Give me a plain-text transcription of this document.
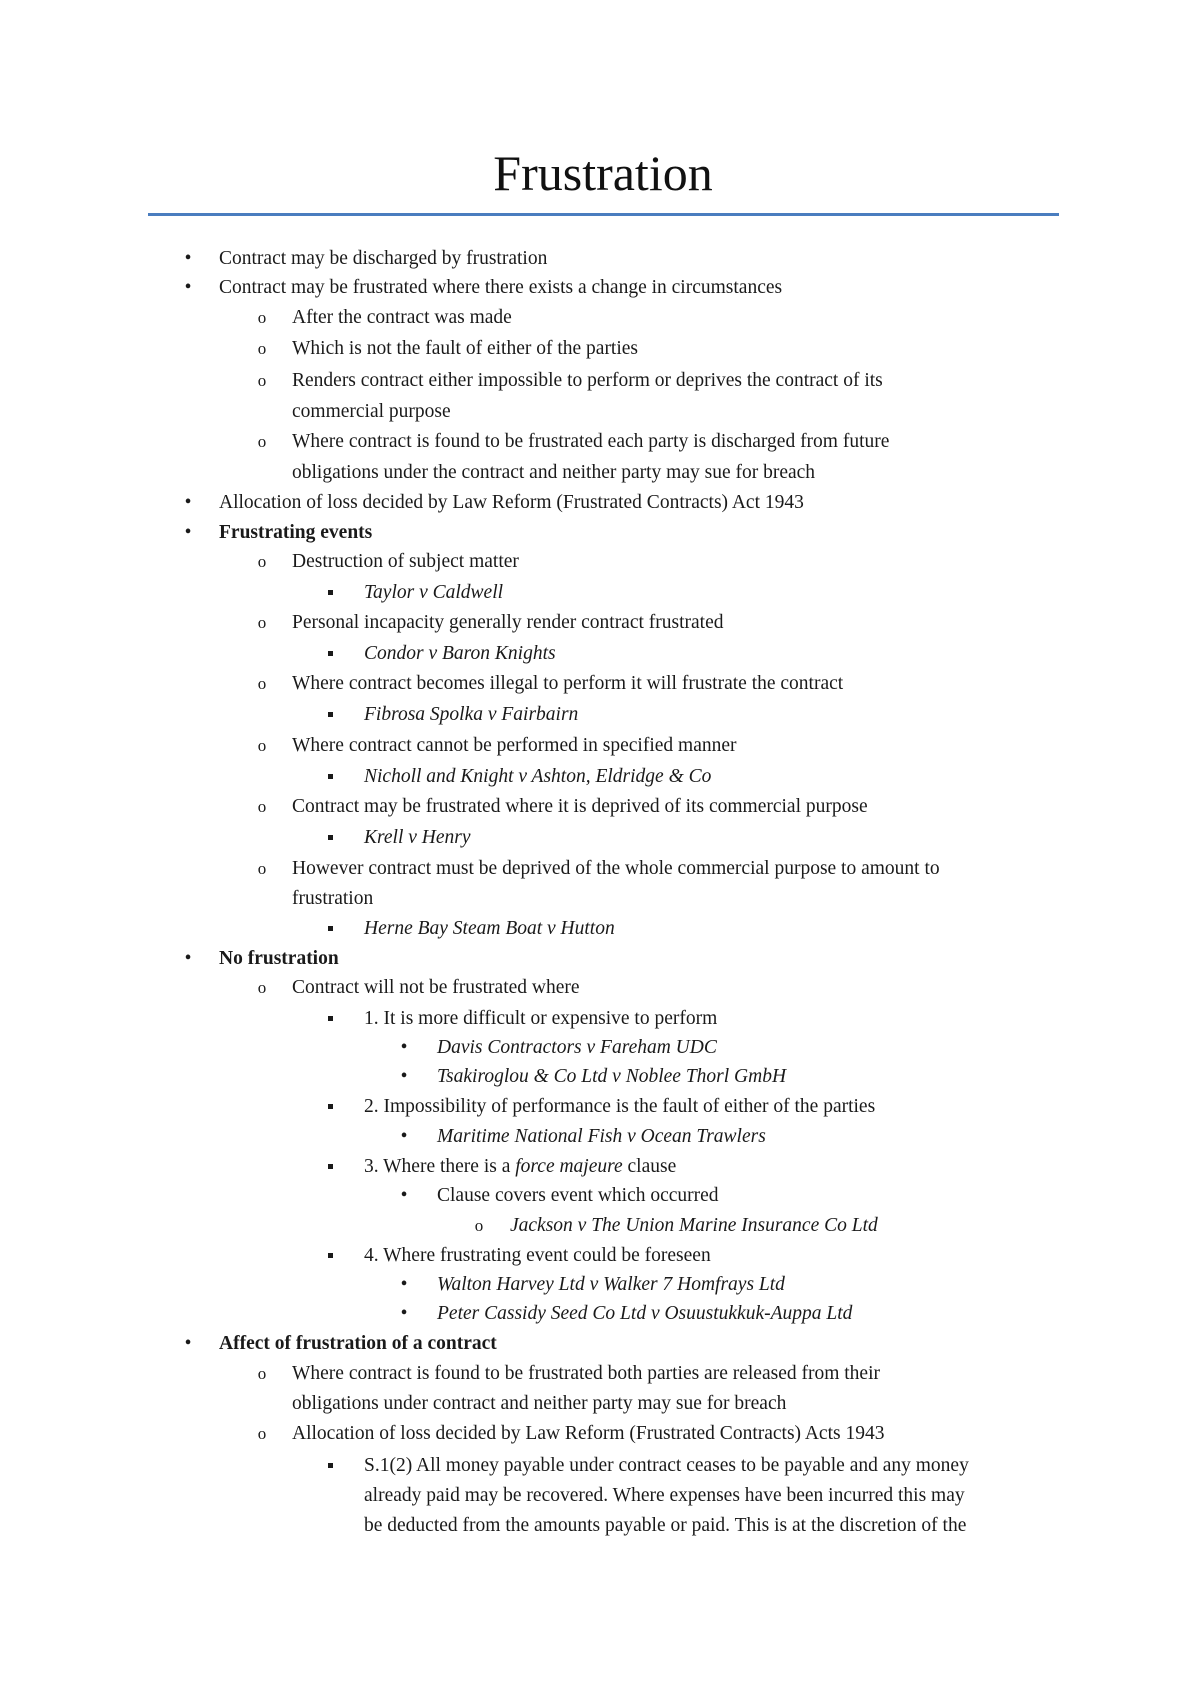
Frustration
•
Contract may be discharged by frustration
•
Contract may be frustrated where there exists a change in circumstances
o
After the contract was made
o
Which is not the fault of either of the parties
o
Renders contract either impossible to perform or deprives the contract of its
commercial purpose
o
Where contract is found to be frustrated each party is discharged from future
obligations under the contract and neither party may sue for breach
•
Allocation of loss decided by Law Reform (Frustrated Contracts) Act 1943
•
Frustrating events
o
Destruction of subject matter
Taylor v Caldwell
o
Personal incapacity generally render contract frustrated
Condor v Baron Knights
o
Where contract becomes illegal to perform it will frustrate the contract
Fibrosa Spolka v Fairbairn
o
Where contract cannot be performed in specified manner
Nicholl and Knight v Ashton, Eldridge & Co
o
Contract may be frustrated where it is deprived of its commercial purpose
Krell v Henry
o
However contract must be deprived of the whole commercial purpose to amount to
frustration
Herne Bay Steam Boat v Hutton
•
No frustration
o
Contract will not be frustrated where
1. It is more difficult or expensive to perform
•
Davis Contractors v Fareham UDC
•
Tsakiroglou & Co Ltd v Noblee Thorl GmbH
2. Impossibility of performance is the fault of either of the parties
•
Maritime National Fish v Ocean Trawlers
3. Where there is a force majeure clause
•
Clause covers event which occurred
o
Jackson v The Union Marine Insurance Co Ltd
4. Where frustrating event could be foreseen
•
Walton Harvey Ltd v Walker 7 Homfrays Ltd
•
Peter Cassidy Seed Co Ltd v Osuustukkuk-Auppa Ltd
•
Affect of frustration of a contract
o
Where contract is found to be frustrated both parties are released from their
obligations under contract and neither party may sue for breach
o
Allocation of loss decided by Law Reform (Frustrated Contracts) Acts 1943
S.1(2) All money payable under contract ceases to be payable and any money
already paid may be recovered. Where expenses have been incurred this may
be deducted from the amounts payable or paid. This is at the discretion of the
